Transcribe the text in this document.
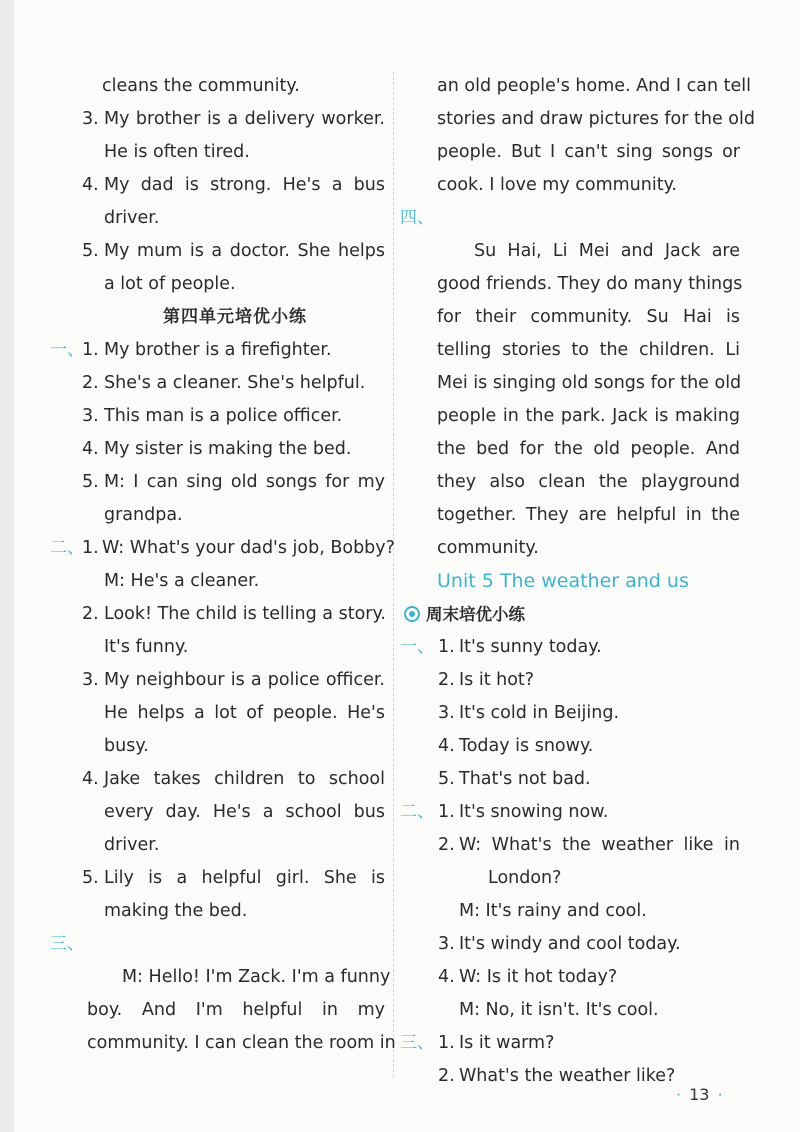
cleans the community.
3. My brother is a delivery worker.
He is often tired.
4. My dad is strong. He's a bus
driver.
5. My mum is a doctor. She helps
a lot of people.
第四单元培优小练
一、
1. My brother is a firefighter.
2. She's a cleaner. She's helpful.
3. This man is a police officer.
4. My sister is making the bed.
5. M: I can sing old songs for my
grandpa.
二、
1. W: What's your dad's job, Bobby?
M: He's a cleaner.
2. Look! The child is telling a story.
It's funny.
3. My neighbour is a police officer.
He helps a lot of people. He's
busy.
4. Jake takes children to school
every day. He's a school bus
driver.
5. Lily is a helpful girl. She is
making the bed.
三、
M: Hello! I'm Zack. I'm a funny
boy. And I'm helpful in my
community. I can clean the room in
an old people's home. And I can tell
stories and draw pictures for the old
people. But I can't sing songs or
cook. I love my community.
四、
Su Hai, Li Mei and Jack are
good friends. They do many things
for their community. Su Hai is
telling stories to the children. Li
Mei is singing old songs for the old
people in the park. Jack is making
the bed for the old people. And
they also clean the playground
together. They are helpful in the
community.
Unit 5 The weather and us
周末培优小练
一、 1. It's sunny today.
2. Is it hot?
3. It's cold in Beijing.
4. Today is snowy.
5. That's not bad.
二、 1. It's snowing now.
2. W: What's the weather like in
London?
M: It's rainy and cool.
3. It's windy and cool today.
4. W: Is it hot today?
M: No, it isn't. It's cool.
三、 1. Is it warm?
2. What's the weather like?
· 13 ·
